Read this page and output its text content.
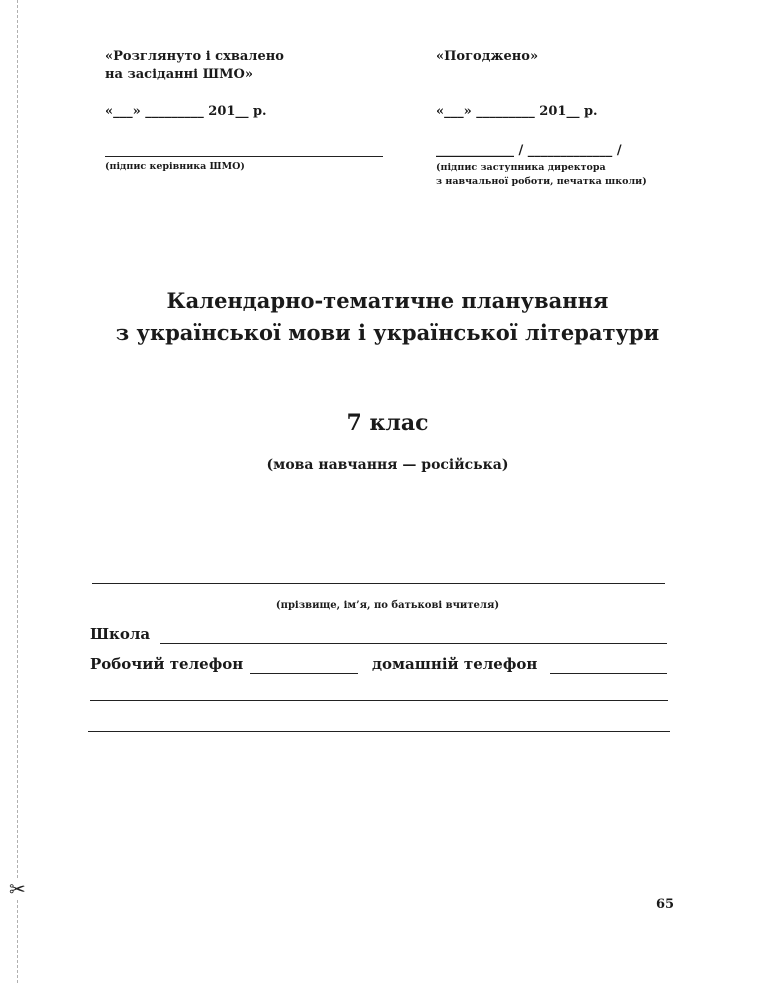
✂
«Розглянуто і схвалено
на засіданні ШМО»
«___» _________ 201__ р.
(підпис керівника ШМО)
«Погоджено»
«___» _________ 201__ р.
____________ / _____________ /
(підпис заступника директора
з навчальної роботи, печатка школи)
Календарно-тематичне планування
з української мови і української літератури
7 клас
(мова навчання — російська)
(прізвище, ім’я, по батькові вчителя)
Школа
Робочий телефон	домашній телефон
65
